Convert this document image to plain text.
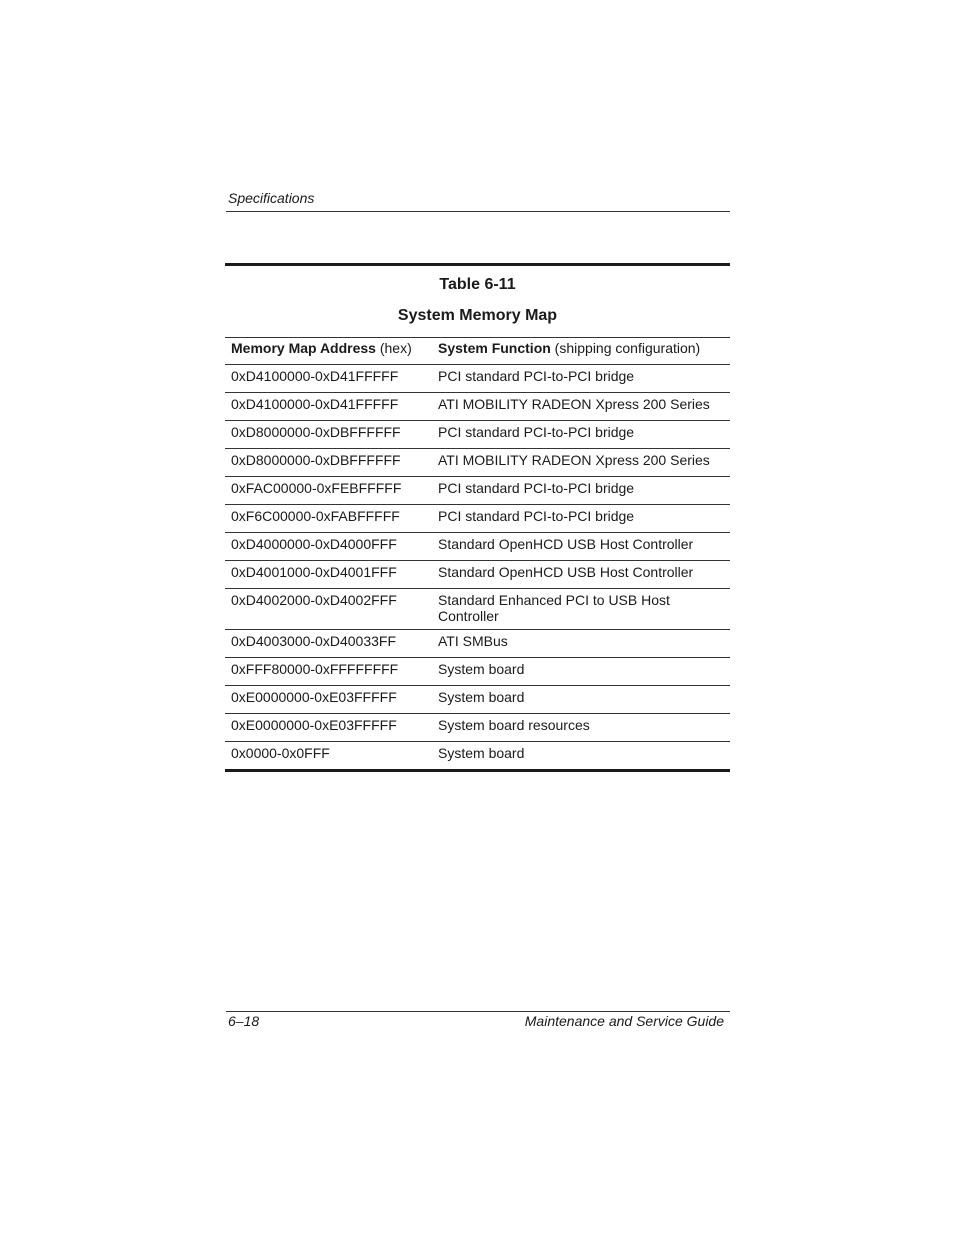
Specifications
Table 6-11
System Memory Map
Memory Map Address (hex)	System Function (shipping configuration)
0xD4100000-0xD41FFFFF	PCI standard PCI-to-PCI bridge
0xD4100000-0xD41FFFFF	ATI MOBILITY RADEON Xpress 200 Series
0xD8000000-0xDBFFFFFF	PCI standard PCI-to-PCI bridge
0xD8000000-0xDBFFFFFF	ATI MOBILITY RADEON Xpress 200 Series
0xFAC00000-0xFEBFFFFF	PCI standard PCI-to-PCI bridge
0xF6C00000-0xFABFFFFF	PCI standard PCI-to-PCI bridge
0xD4000000-0xD4000FFF	Standard OpenHCD USB Host Controller
0xD4001000-0xD4001FFF	Standard OpenHCD USB Host Controller
0xD4002000-0xD4002FFF	Standard Enhanced PCI to USB Host Controller
0xD4003000-0xD40033FF	ATI SMBus
0xFFF80000-0xFFFFFFFF	System board
0xE0000000-0xE03FFFFF	System board
0xE0000000-0xE03FFFFF	System board resources
0x0000-0x0FFF	System board
6–18	Maintenance and Service Guide
